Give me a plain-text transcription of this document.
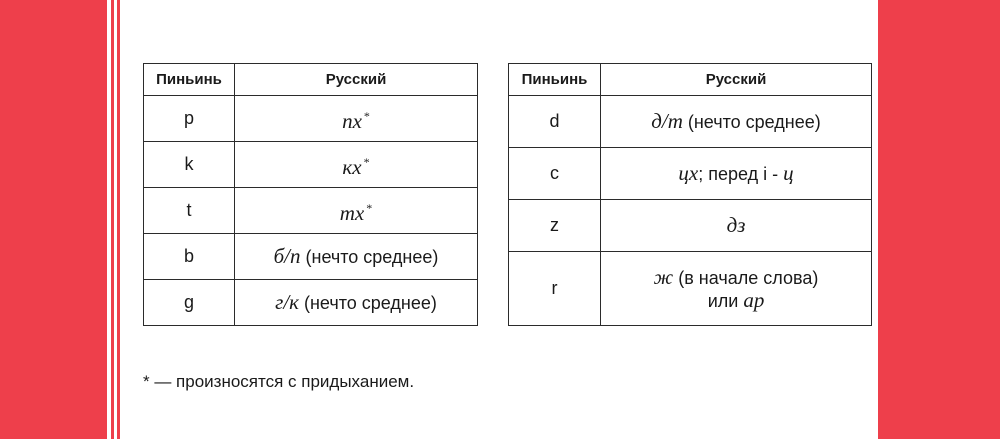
Пиньинь	Русский
p	пх *
k	кх *
t	тх *
b	б/п (нечто среднее)
g	г/к (нечто среднее)
Пиньинь	Русский
d	д/т (нечто среднее)
c	цх; перед i - ц
z	дз
r	ж (в начале слова)
или ар
* — произносятся с придыханием.
